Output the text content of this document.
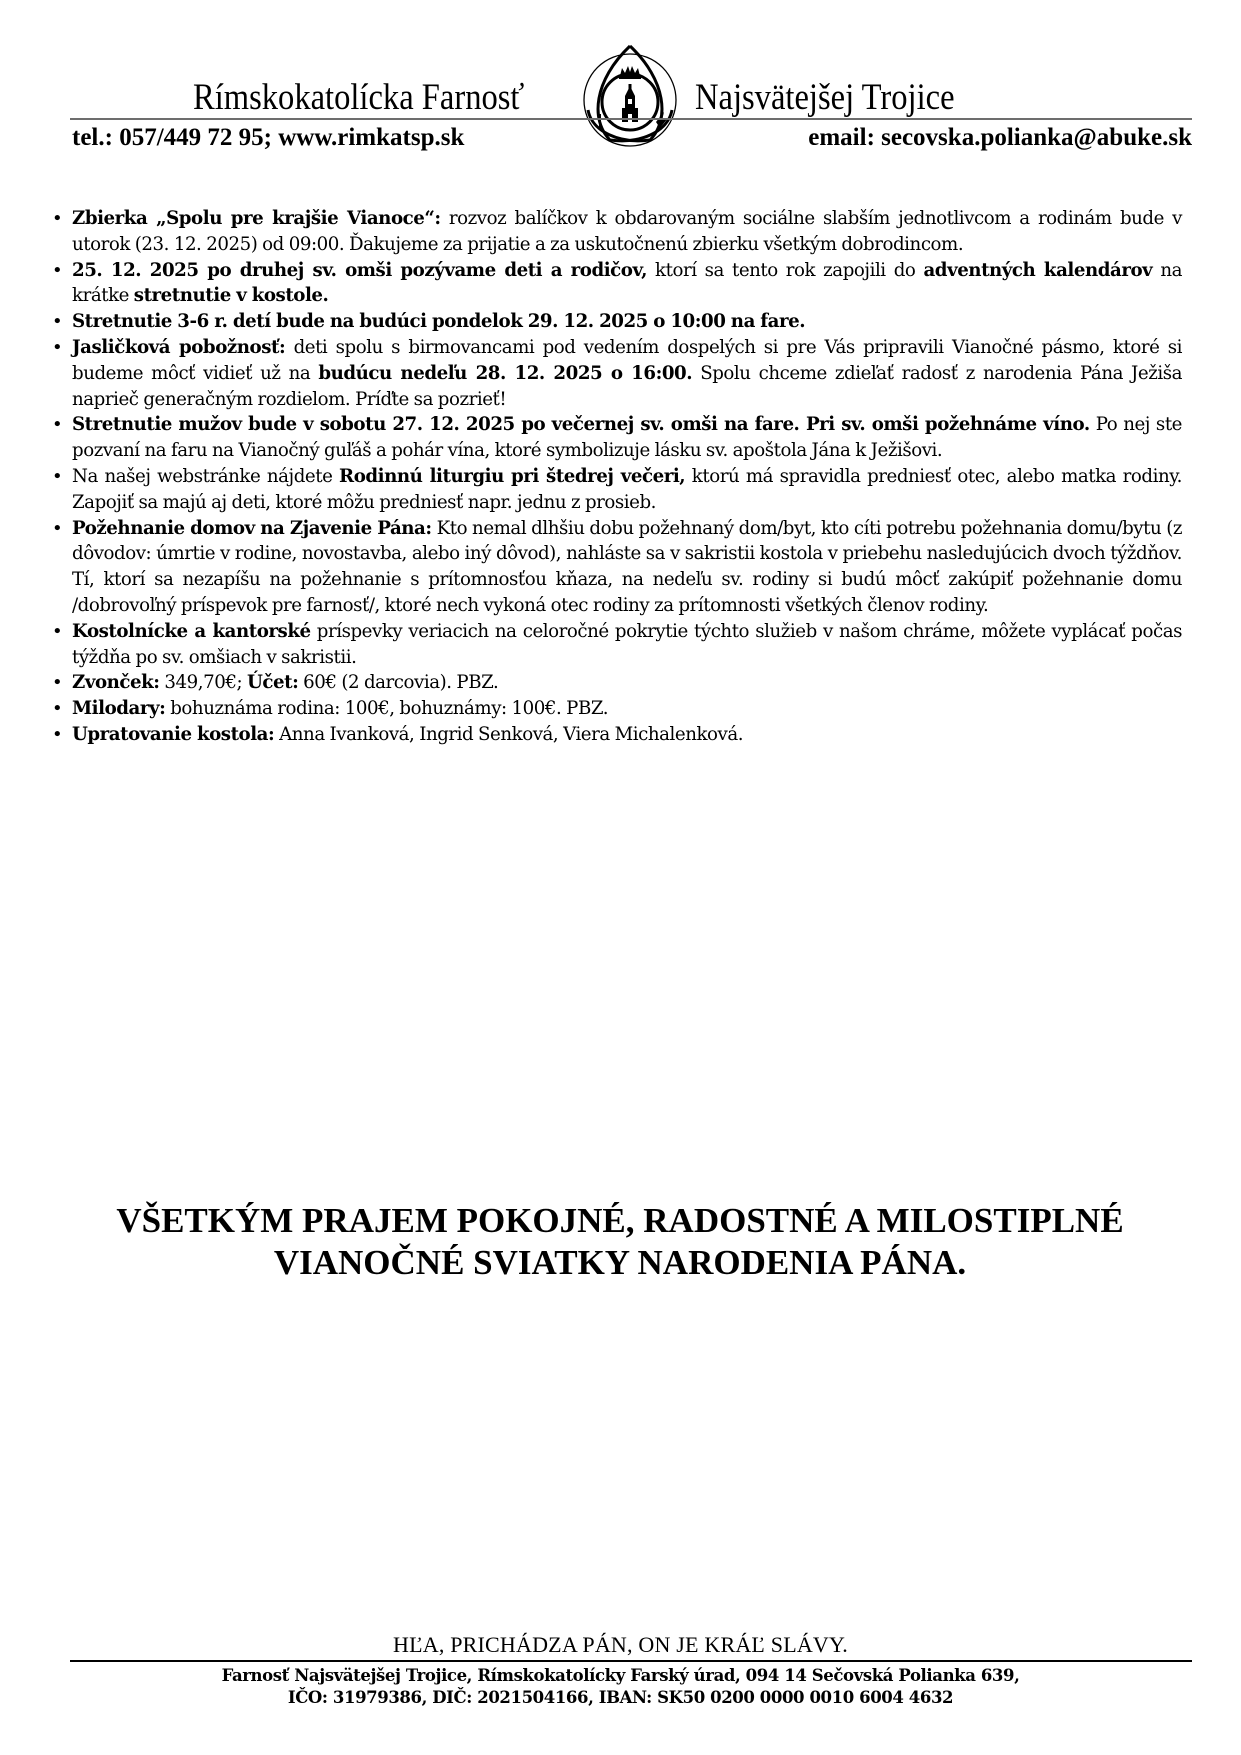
Rímskokatolícka Farnosť	Najsvätejšej Trojice
tel.: 057/449 72 95; www.rimkatsp.sk	email: secovska.polianka@abuke.sk
• Zbierka „Spolu pre krajšie Vianoce“: rozvoz balíčkov k obdarovaným sociálne slabším jednotlivcom a rodinám bude v utorok (23. 12. 2025) od 09:00. Ďakujeme za prijatie a za uskutočnenú zbierku všetkým dobrodincom.
• 25. 12. 2025 po druhej sv. omši pozývame deti a rodičov, ktorí sa tento rok zapojili do adventných kalendárov na krátke stretnutie v kostole.
• Stretnutie 3-6 r. detí bude na budúci pondelok 29. 12. 2025 o 10:00 na fare.
• Jasličková pobožnosť: deti spolu s birmovancami pod vedením dospelých si pre Vás pripravili Vianočné pásmo, ktoré si budeme môcť vidieť už na budúcu nedeľu 28. 12. 2025 o 16:00. Spolu chceme zdieľať radosť z narodenia Pána Ježiša naprieč generačným rozdielom. Príďte sa pozrieť!
• Stretnutie mužov bude v sobotu 27. 12. 2025 po večernej sv. omši na fare. Pri sv. omši požehnáme víno. Po nej ste pozvaní na faru na Vianočný guľáš a pohár vína, ktoré symbolizuje lásku sv. apoštola Jána k Ježišovi.
• Na našej webstránke nájdete Rodinnú liturgiu pri štedrej večeri, ktorú má spravidla predniesť otec, alebo matka rodiny. Zapojiť sa majú aj deti, ktoré môžu predniesť napr. jednu z prosieb.
• Požehnanie domov na Zjavenie Pána: Kto nemal dlhšiu dobu požehnaný dom/byt, kto cíti potrebu požehnania domu/bytu (z dôvodov: úmrtie v rodine, novostavba, alebo iný dôvod), nahláste sa v sakristii kostola v priebehu nasledujúcich dvoch týždňov. Tí, ktorí sa nezapíšu na požehnanie s prítomnosťou kňaza, na nedeľu sv. rodiny si budú môcť zakúpiť požehnanie domu /dobrovoľný príspevok pre farnosť/, ktoré nech vykoná otec rodiny za prítomnosti všetkých členov rodiny.
• Kostolnícke a kantorské príspevky veriacich na celoročné pokrytie týchto služieb v našom chráme, môžete vyplácať počas týždňa po sv. omšiach v sakristii.
• Zvonček: 349,70€; Účet: 60€ (2 darcovia). PBZ.
• Milodary: bohuznáma rodina: 100€, bohuznámy: 100€. PBZ.
• Upratovanie kostola: Anna Ivanková, Ingrid Senková, Viera Michalenková.
VŠETKÝM PRAJEM POKOJNÉ, RADOSTNÉ A MILOSTIPLNÉ
VIANOČNÉ SVIATKY NARODENIA PÁNA.
HĽA, PRICHÁDZA PÁN, ON JE KRÁĽ SLÁVY.
Farnosť Najsvätejšej Trojice, Rímskokatolícky Farský úrad, 094 14 Sečovská Polianka 639,
IČO: 31979386, DIČ: 2021504166, IBAN: SK50 0200 0000 0010 6004 4632
